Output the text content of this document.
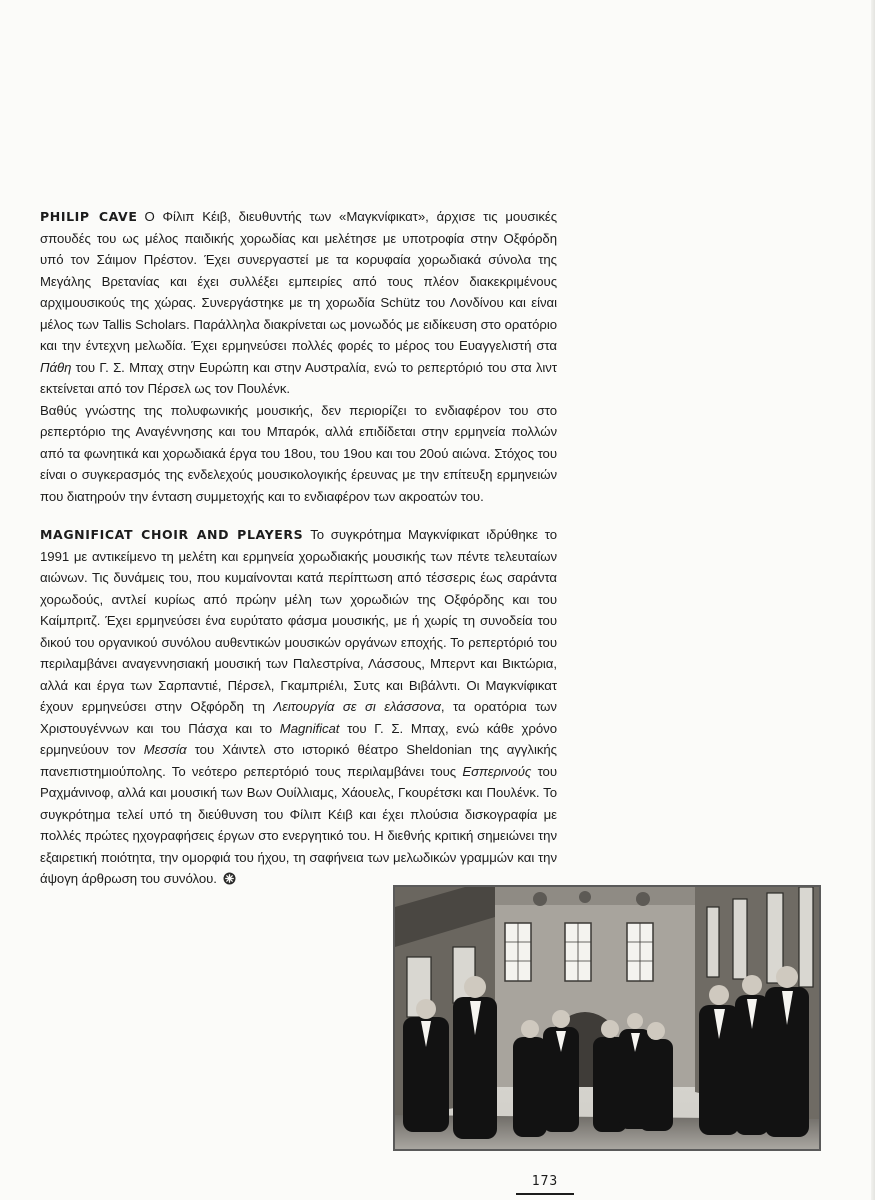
PHILIP CAVE Ο Φίλιπ Κέιβ, διευθυντής των «Μαγκνίφικατ», άρχισε τις μουσικές σπουδές του ως μέλος παιδικής χορωδίας και μελέτησε με υποτροφία στην Οξφόρδη υπό τον Σάιμον Πρέστον. Έχει συνεργαστεί με τα κορυφαία χορωδιακά σύνολα της Μεγάλης Βρετανίας και έχει συλλέξει εμπειρίες από τους πλέον διακεκριμένους αρχιμουσικούς της χώρας. Συνεργάστηκε με τη χορωδία Schütz του Λονδίνου και είναι μέλος των Tallis Scholars. Παράλληλα διακρίνεται ως μονωδός με ειδίκευση στο ορατόριο και την έντεχνη μελωδία. Έχει ερμηνεύσει πολλές φορές το μέρος του Ευαγγελιστή στα Πάθη του Γ. Σ. Μπαχ στην Ευρώπη και στην Αυστραλία, ενώ το ρεπερτόριό του στα λιντ εκτείνεται από τον Πέρσελ ως τον Πουλένκ.

Βαθύς γνώστης της πολυφωνικής μουσικής, δεν περιορίζει το ενδιαφέρον του στο ρεπερτόριο της Αναγέννησης και του Μπαρόκ, αλλά επιδίδεται στην ερμηνεία πολλών από τα φωνητικά και χορωδιακά έργα του 18ου, του 19ου και του 20ού αιώνα. Στόχος του είναι ο συγκερασμός της ενδελεχούς μουσικολογικής έρευνας με την επίτευξη ερμηνειών που διατηρούν την ένταση συμμετοχής και το ενδιαφέρον των ακροατών του.

MAGNIFICAT CHOIR AND PLAYERS Το συγκρότημα Μαγκνίφικατ ιδρύθηκε το 1991 με αντικείμενο τη μελέτη και ερμηνεία χορωδιακής μουσικής των πέντε τελευταίων αιώνων. Τις δυνάμεις του, που κυμαίνονται κατά περίπτωση από τέσσερις έως σαράντα χορωδούς, αντλεί κυρίως από πρώην μέλη των χορωδιών της Οξφόρδης και του Καίμπριτζ. Έχει ερμηνεύσει ένα ευρύτατο φάσμα μουσικής, με ή χωρίς τη συνοδεία του δικού του οργανικού συνόλου αυθεντικών μουσικών οργάνων εποχής. Το ρεπερτόριό του περιλαμβάνει αναγεννησιακή μουσική των Παλεστρίνα, Λάσσους, Μπερντ και Βικτώρια, αλλά και έργα των Σαρπαντιέ, Πέρσελ, Γκαμπριέλι, Συτς και Βιβάλντι. Οι Μαγκνίφικατ έχουν ερμηνεύσει στην Οξφόρδη τη Λειτουργία σε σι ελάσσονα, τα ορατόρια των Χριστουγέννων και του Πάσχα και το Magnificat του Γ. Σ. Μπαχ, ενώ κάθε χρόνο ερμηνεύουν τον Μεσσία του Χάιντελ στο ιστορικό θέατρο Sheldonian της αγγλικής πανεπιστημιούπολης. Το νεότερο ρεπερτόριό τους περιλαμβάνει τους Εσπερινούς του Ραχμάνινοφ, αλλά και μουσική των Βων Ουίλλιαμς, Χάουελς, Γκουρέτσκι και Πουλένκ. Το συγκρότημα τελεί υπό τη διεύθυνση του Φίλιπ Κέιβ και έχει πλούσια δισκογραφία με πολλές πρώτες ηχογραφήσεις έργων στο ενεργητικό του. Η διεθνής κριτική σημειώνει την εξαιρετική ποιότητα, την ομορφιά του ήχου, τη σαφήνεια των μελωδικών γραμμών και την άψογη άρθρωση του συνόλου.

173
